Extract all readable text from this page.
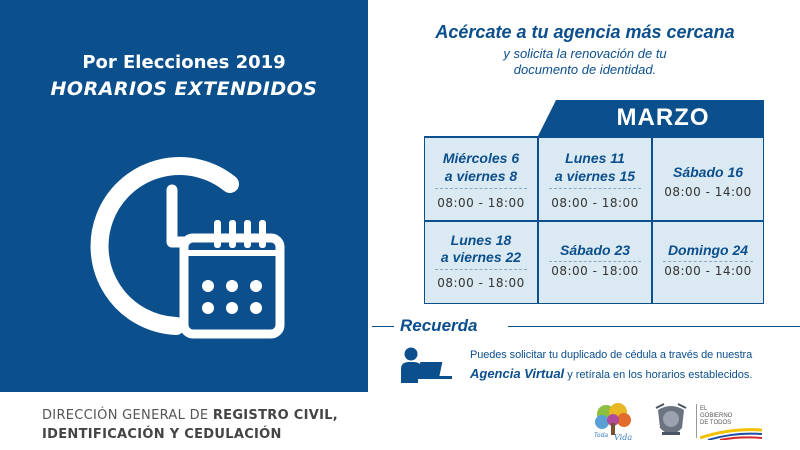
Por Elecciones 2019
HORARIOS EXTENDIDOS
DIRECCIÓN GENERAL DE REGISTRO CIVIL,
IDENTIFICACIÓN Y CEDULACIÓN
Acércate a tu agencia más cercana
y solicita la renovación de tu
documento de identidad.
MARZO
Miércoles 6
a viernes 8
08:00 - 18:00
Lunes 11
a viernes 15
08:00 - 18:00
Sábado 16
08:00 - 14:00
Lunes 18
a viernes 22
08:00 - 18:00
Sábado 23
08:00 - 18:00
Domingo 24
08:00 - 14:00
Recuerda
Puedes solicitar tu duplicado de cédula a través de nuestra
Agencia Virtual y retírala en los horarios establecidos.
Toda Vida
EL
GOBIERNO
DE TODOS
